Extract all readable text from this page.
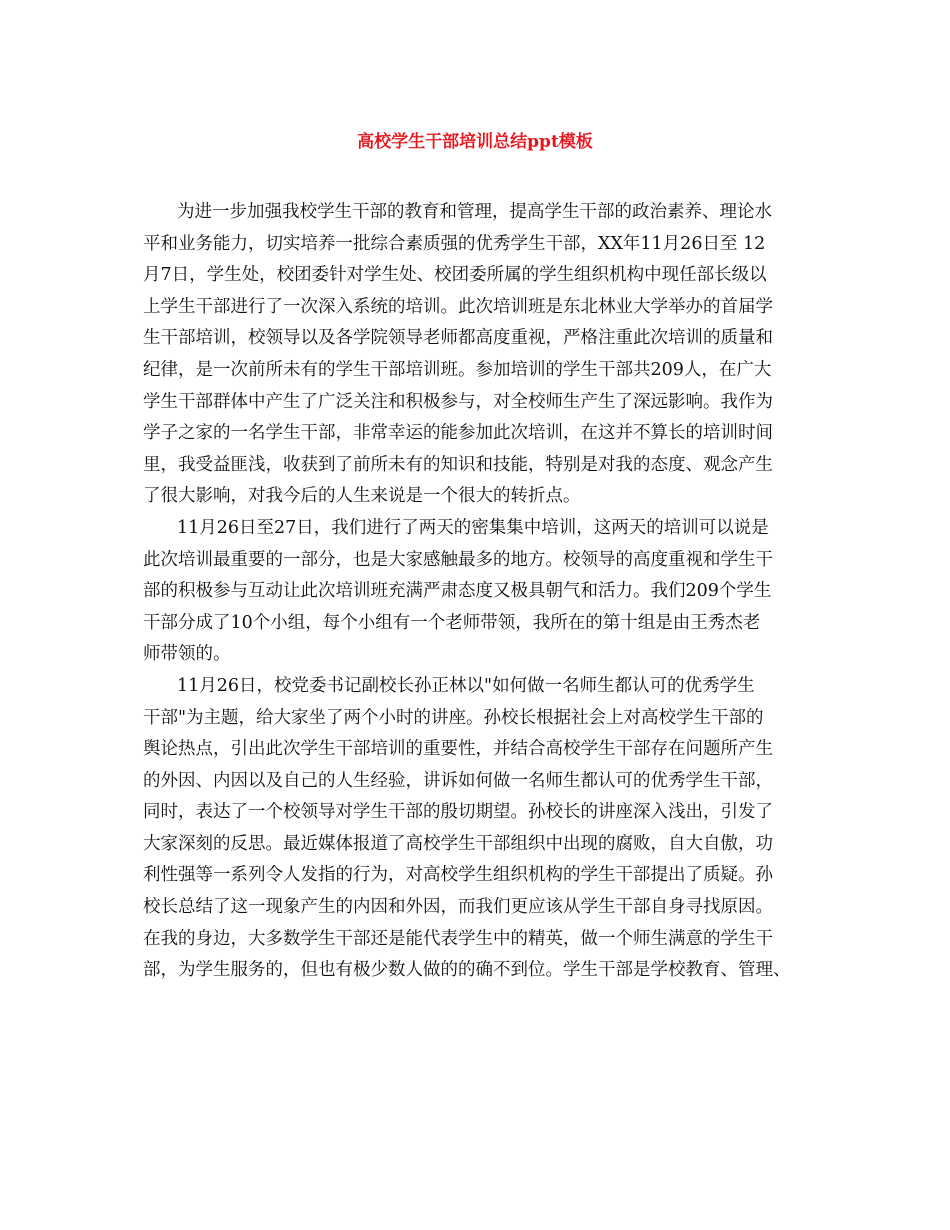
高校学生干部培训总结ppt模板
为进一步加强我校学生干部的教育和管理，提高学生干部的政治素养、理论水
平和业务能力，切实培养一批综合素质强的优秀学生干部，XX年11月26日至 12
月7日，学生处，校团委针对学生处、校团委所属的学生组织机构中现任部长级以
上学生干部进行了一次深入系统的培训。此次培训班是东北林业大学举办的首届学
生干部培训，校领导以及各学院领导老师都高度重视，严格注重此次培训的质量和
纪律，是一次前所未有的学生干部培训班。参加培训的学生干部共209人，在广大
学生干部群体中产生了广泛关注和积极参与，对全校师生产生了深远影响。我作为
学子之家的一名学生干部，非常幸运的能参加此次培训，在这并不算长的培训时间
里，我受益匪浅，收获到了前所未有的知识和技能，特别是对我的态度、观念产生
了很大影响，对我今后的人生来说是一个很大的转折点。
11月26日至27日，我们进行了两天的密集集中培训，这两天的培训可以说是
此次培训最重要的一部分，也是大家感触最多的地方。校领导的高度重视和学生干
部的积极参与互动让此次培训班充满严肃态度又极具朝气和活力。我们209个学生
干部分成了10个小组，每个小组有一个老师带领，我所在的第十组是由王秀杰老
师带领的。
11月26日，校党委书记副校长孙正林以"如何做一名师生都认可的优秀学生
干部"为主题，给大家坐了两个小时的讲座。孙校长根据社会上对高校学生干部的
舆论热点，引出此次学生干部培训的重要性，并结合高校学生干部存在问题所产生
的外因、内因以及自己的人生经验，讲诉如何做一名师生都认可的优秀学生干部，
同时，表达了一个校领导对学生干部的殷切期望。孙校长的讲座深入浅出，引发了
大家深刻的反思。最近媒体报道了高校学生干部组织中出现的腐败，自大自傲，功
利性强等一系列令人发指的行为，对高校学生组织机构的学生干部提出了质疑。孙
校长总结了这一现象产生的内因和外因，而我们更应该从学生干部自身寻找原因。
在我的身边，大多数学生干部还是能代表学生中的精英，做一个师生满意的学生干
部，为学生服务的，但也有极少数人做的的确不到位。学生干部是学校教育、管理、
